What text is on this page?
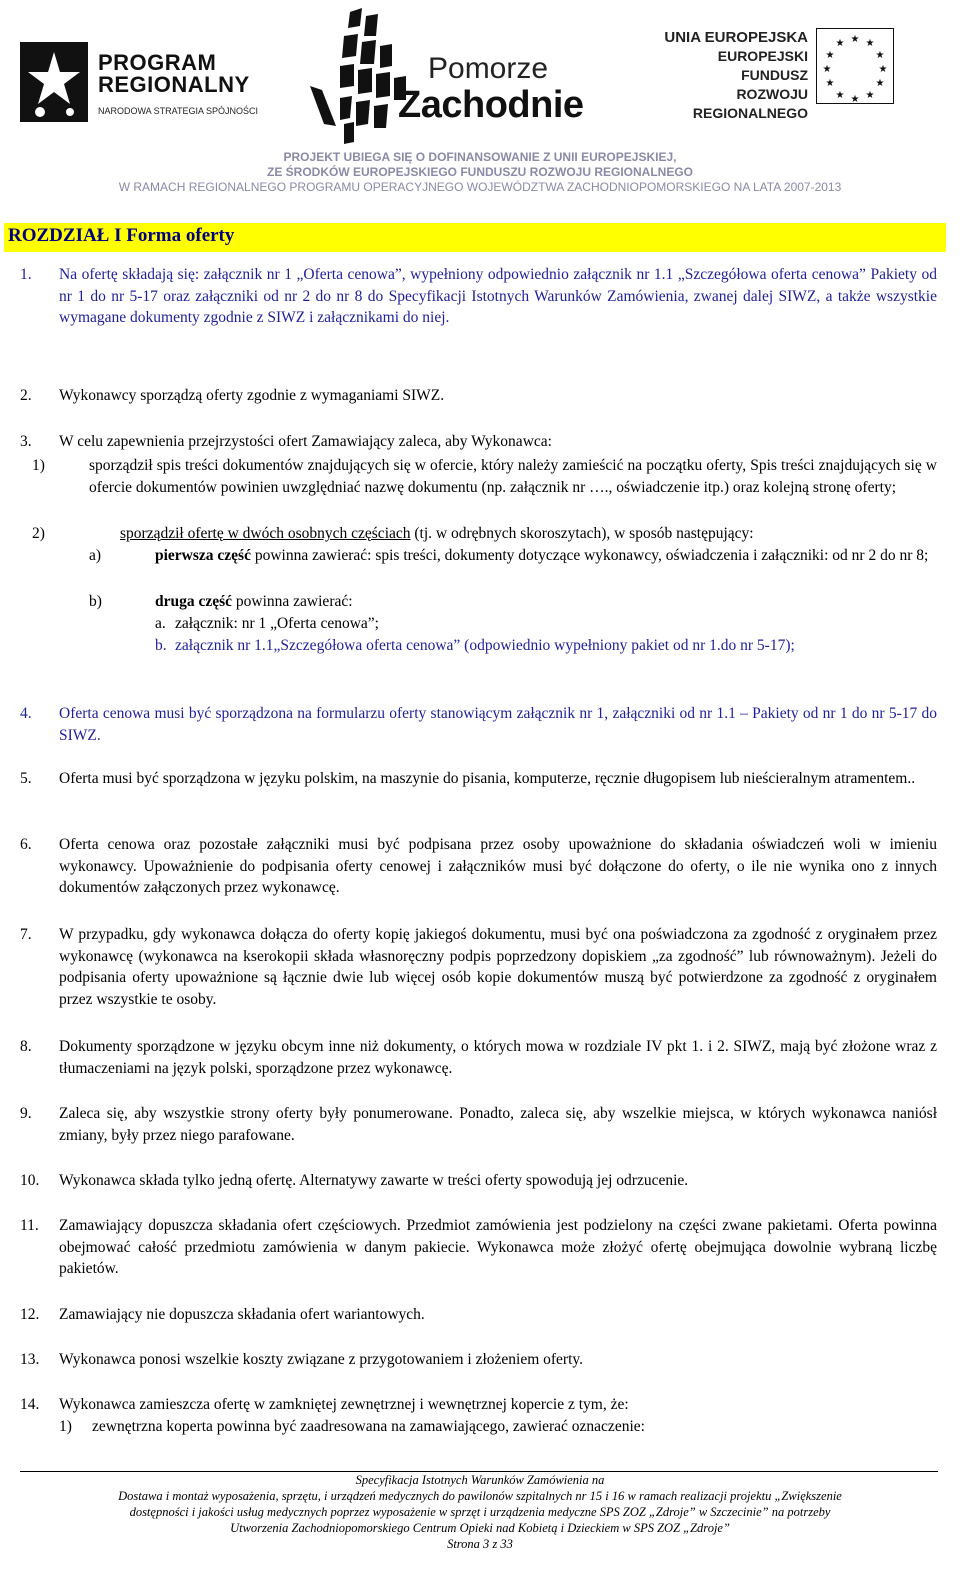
PROGRAM
REGIONALNY
NARODOWA STRATEGIA SPÓJNOŚCI
Pomorze
Zachodnie
UNIA EUROPEJSKA
EUROPEJSKI FUNDUSZ
ROZWOJU REGIONALNEGO
★ ★
★
★
★
★
★
★
★
★
★
★
PROJEKT UBIEGA SIĘ O DOFINANSOWANIE Z UNII EUROPEJSKIEJ,
ZE ŚRODKÓW EUROPEJSKIEGO FUNDUSZU ROZWOJU REGIONALNEGO
W RAMACH REGIONALNEGO PROGRAMU OPERACYJNEGO WOJEWÓDZTWA ZACHODNIOPOMORSKIEGO NA LATA 2007-2013
ROZDZIAŁ I Forma oferty
1. Na ofertę składają się: załącznik nr 1 „Oferta cenowa”, wypełniony odpowiednio załącznik nr 1.1 „Szczegółowa oferta cenowa” Pakiety od nr 1 do nr 5-17 oraz załączniki od nr 2 do nr 8 do Specyfikacji Istotnych Warunków Zamówienia, zwanej dalej SIWZ, a także wszystkie wymagane dokumenty zgodnie z SIWZ i załącznikami do niej.
2. Wykonawcy sporządzą oferty zgodnie z wymaganiami SIWZ.
3. W celu zapewnienia przejrzystości ofert Zamawiający zaleca, aby Wykonawca:
1)	sporządził spis treści dokumentów znajdujących się w ofercie, który należy zamieścić na początku oferty, Spis treści znajdujących się w ofercie dokumentów powinien uwzględniać nazwę dokumentu (np. załącznik nr …., oświadczenie itp.) oraz kolejną stronę oferty;
2)	sporządził ofertę w dwóch osobnych częściach (tj. w odrębnych skoroszytach), w sposób następujący:
a)	pierwsza część powinna zawierać: spis treści, dokumenty dotyczące wykonawcy, oświadczenia i załączniki: od nr 2 do nr 8;
b)	druga część powinna zawierać:
a. załącznik: nr 1 „Oferta cenowa”;
b. załącznik nr 1.1„Szczegółowa oferta cenowa” (odpowiednio wypełniony pakiet od nr 1.do nr 5-17);
4. Oferta cenowa musi być sporządzona na formularzu oferty stanowiącym załącznik nr 1, załączniki od nr 1.1 – Pakiety od nr 1 do nr 5-17 do SIWZ.
5. Oferta musi być sporządzona w języku polskim, na maszynie do pisania, komputerze, ręcznie długopisem lub nieścieralnym atramentem..
6. Oferta cenowa oraz pozostałe załączniki musi być podpisana przez osoby upoważnione do składania oświadczeń woli w imieniu wykonawcy. Upoważnienie do podpisania oferty cenowej i załączników musi być dołączone do oferty, o ile nie wynika ono z innych dokumentów załączonych przez wykonawcę.
7. W przypadku, gdy wykonawca dołącza do oferty kopię jakiegoś dokumentu, musi być ona poświadczona za zgodność z oryginałem przez wykonawcę (wykonawca na kserokopii składa własnoręczny podpis poprzedzony dopiskiem „za zgodność” lub równoważnym). Jeżeli do podpisania oferty upoważnione są łącznie dwie lub więcej osób kopie dokumentów muszą być potwierdzone za zgodność z oryginałem przez wszystkie te osoby.
8. Dokumenty sporządzone w języku obcym inne niż dokumenty, o których mowa w rozdziale IV pkt 1. i 2. SIWZ, mają być złożone wraz z tłumaczeniami na język polski, sporządzone przez wykonawcę.
9. Zaleca się, aby wszystkie strony oferty były ponumerowane. Ponadto, zaleca się, aby wszelkie miejsca, w których wykonawca naniósł zmiany, były przez niego parafowane.
10. Wykonawca składa tylko jedną ofertę. Alternatywy zawarte w treści oferty spowodują jej odrzucenie.
11. Zamawiający dopuszcza składania ofert częściowych. Przedmiot zamówienia jest podzielony na części zwane pakietami. Oferta powinna obejmować całość przedmiotu zamówienia w danym pakiecie. Wykonawca może złożyć ofertę obejmująca dowolnie wybraną liczbę pakietów.
12. Zamawiający nie dopuszcza składania ofert wariantowych.
13. Wykonawca ponosi wszelkie koszty związane z przygotowaniem i złożeniem oferty.
14. Wykonawca zamieszcza ofertę w zamkniętej zewnętrznej i wewnętrznej kopercie z tym, że:
1) zewnętrzna koperta powinna być zaadresowana na zamawiającego, zawierać oznaczenie:
Specyfikacja Istotnych Warunków Zamówienia na
Dostawa i montaż wyposażenia, sprzętu, i urządzeń medycznych do pawilonów szpitalnych nr 15 i 16 w ramach realizacji projektu „Zwiększenie
dostępności i jakości usług medycznych poprzez wyposażenie w sprzęt i urządzenia medyczne SPS ZOZ „Zdroje” w Szczecinie” na potrzeby
Utworzenia Zachodniopomorskiego Centrum Opieki nad Kobietą i Dzieckiem w SPS ZOZ „Zdroje”
Strona 3 z 33
